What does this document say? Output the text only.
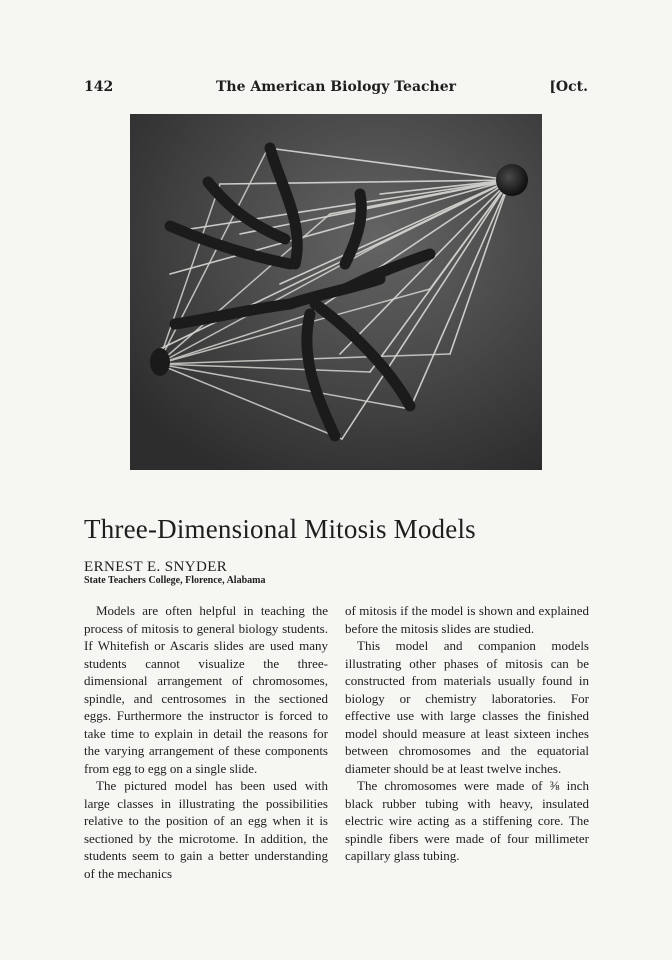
142	The American Biology Teacher	[Oct.
Three-Dimensional Mitosis Models
ERNEST E. SNYDER
State Teachers College, Florence, Alabama

Models are often helpful in teaching the process of mitosis to general biology students. If Whitefish or Ascaris slides are used many students cannot visualize the three-dimensional arrangement of chromosomes, spindle, and centrosomes in the sectioned eggs. Furthermore the instructor is forced to take time to explain in detail the reasons for the varying arrangement of these components from egg to egg on a single slide.

The pictured model has been used with large classes in illustrating the possibilities relative to the position of an egg when it is sectioned by the microtome. In addition, the students seem to gain a better understanding of the mechanics

of mitosis if the model is shown and explained before the mitosis slides are studied.

This model and companion models illustrating other phases of mitosis can be constructed from materials usually found in biology or chemistry laboratories. For effective use with large classes the finished model should measure at least sixteen inches between chromosomes and the equatorial diameter should be at least twelve inches.

The chromosomes were made of ⅜ inch black rubber tubing with heavy, insulated electric wire acting as a stiffening core. The spindle fibers were made of four millimeter capillary glass tubing.
